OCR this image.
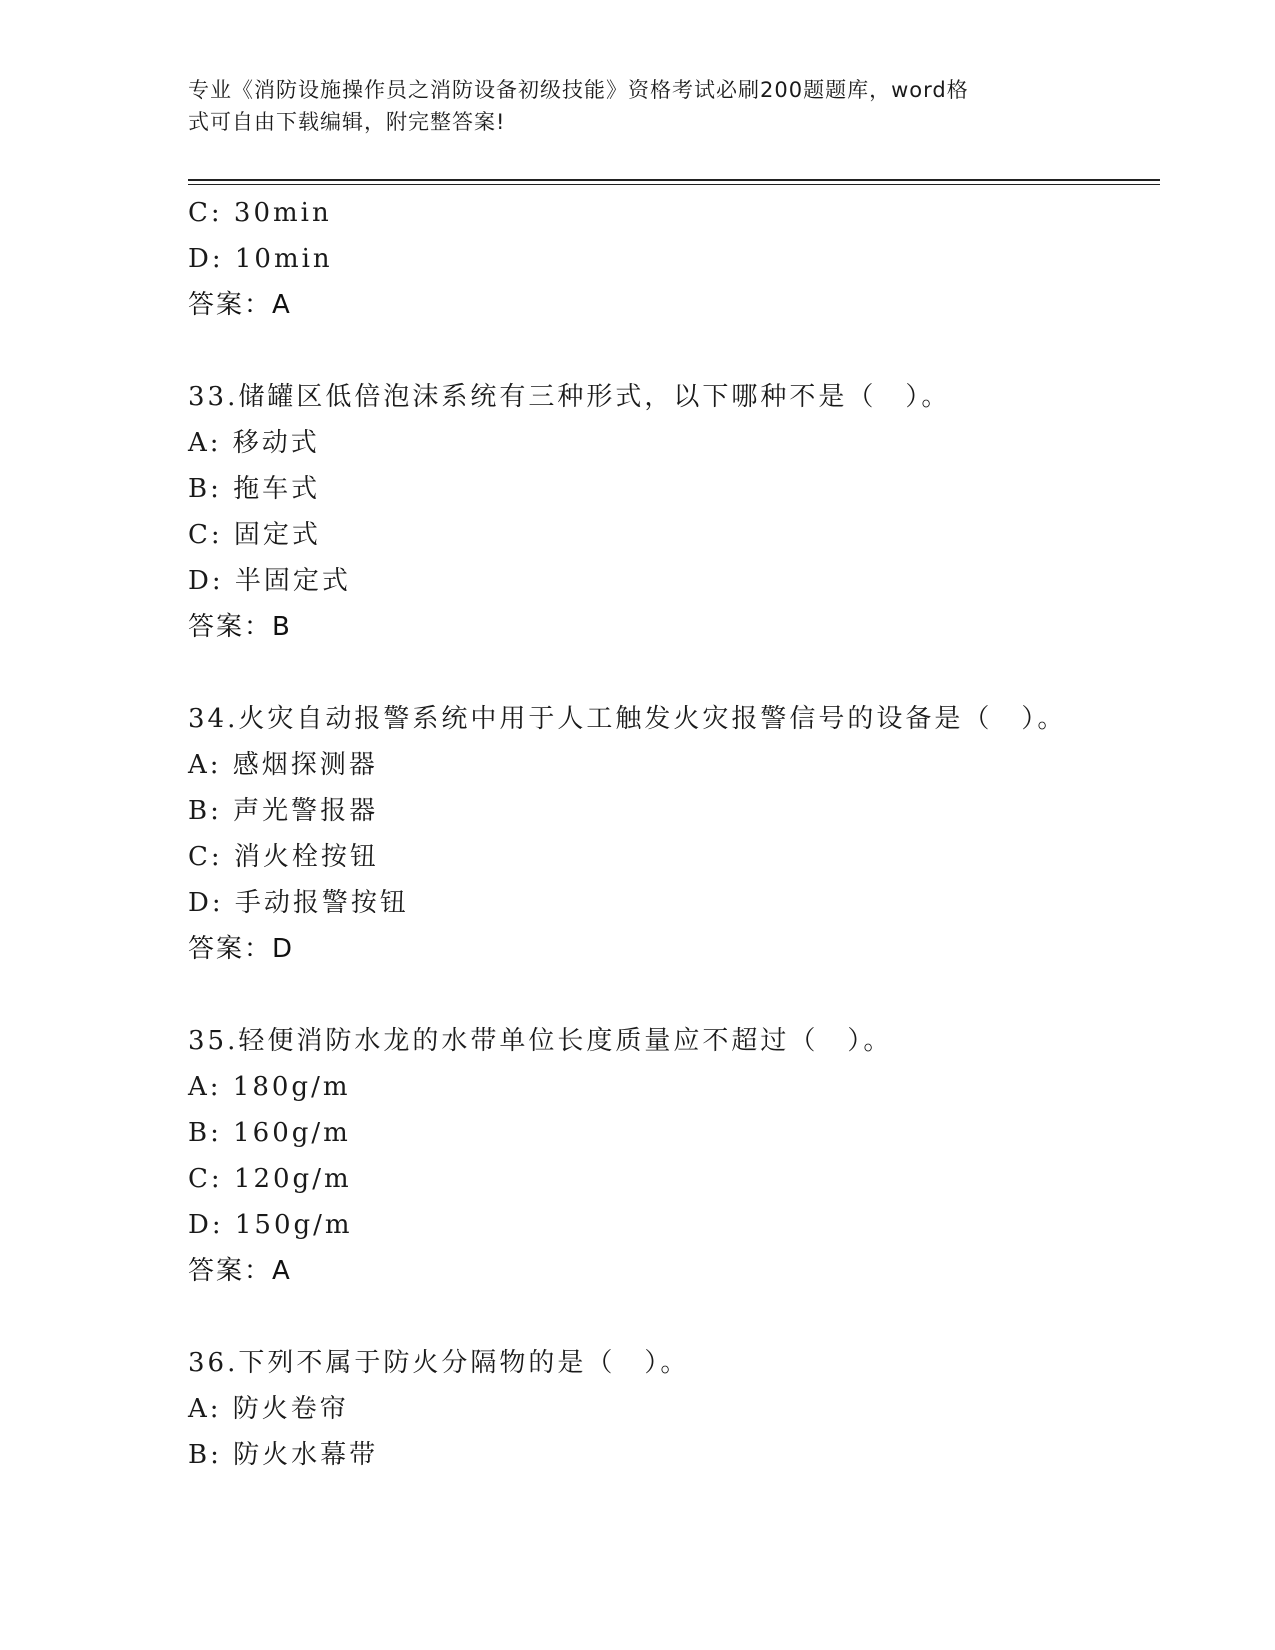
专业《消防设施操作员之消防设备初级技能》资格考试必刷200题题库，word格
式可自由下载编辑，附完整答案!
C: 30min
D: 10min
答案：A
33.储罐区低倍泡沫系统有三种形式，以下哪种不是（　）。
A: 移动式
B: 拖车式
C: 固定式
D: 半固定式
答案：B
34.火灾自动报警系统中用于人工触发火灾报警信号的设备是（　）。
A: 感烟探测器
B: 声光警报器
C: 消火栓按钮
D: 手动报警按钮
答案：D
35.轻便消防水龙的水带单位长度质量应不超过（　）。
A: 180g/m
B: 160g/m
C: 120g/m
D: 150g/m
答案：A
36.下列不属于防火分隔物的是（　）。
A: 防火卷帘
B: 防火水幕带
